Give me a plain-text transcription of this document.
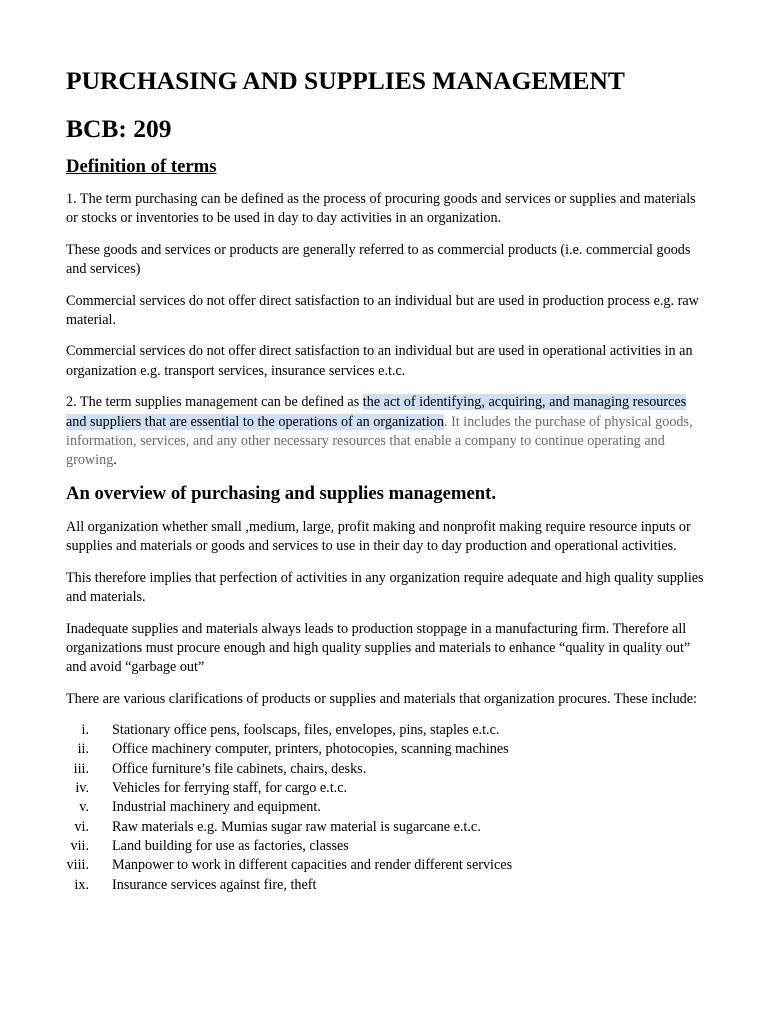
PURCHASING AND SUPPLIES MANAGEMENT
BCB: 209
Definition of terms

1. The term purchasing can be defined as the process of procuring goods and services or supplies and materials or stocks or inventories to be used in day to day activities in an organization.

These goods and services or products are generally referred to as commercial products (i.e. commercial goods and services)

Commercial services do not offer direct satisfaction to an individual but are used in production process e.g. raw material.

Commercial services do not offer direct satisfaction to an individual but are used in operational activities in an organization e.g. transport services, insurance services e.t.c.

2. The term supplies management can be defined as the act of identifying, acquiring, and managing resources and suppliers that are essential to the operations of an organization. It includes the purchase of physical goods, information, services, and any other necessary resources that enable a company to continue operating and growing.

An overview of purchasing and supplies management.

All organization whether small ,medium, large, profit making and nonprofit making require resource inputs or supplies and materials or goods and services to use in their day to day production and operational activities.

This therefore implies that perfection of activities in any organization require adequate and high quality supplies and materials.

Inadequate supplies and materials always leads to production stoppage in a manufacturing firm. Therefore all organizations must procure enough and high quality supplies and materials to enhance “quality in quality out” and avoid “garbage out”

There are various clarifications of products or supplies and materials that organization procures. These include:

i. Stationary office pens, foolscaps, files, envelopes, pins, staples e.t.c.
ii. Office machinery computer, printers, photocopies, scanning machines
iii. Office furniture’s file cabinets, chairs, desks.
iv. Vehicles for ferrying staff, for cargo e.t.c.
v. Industrial machinery and equipment.
vi. Raw materials e.g. Mumias sugar raw material is sugarcane e.t.c.
vii. Land building for use as factories, classes
viii. Manpower to work in different capacities and render different services
ix. Insurance services against fire, theft
